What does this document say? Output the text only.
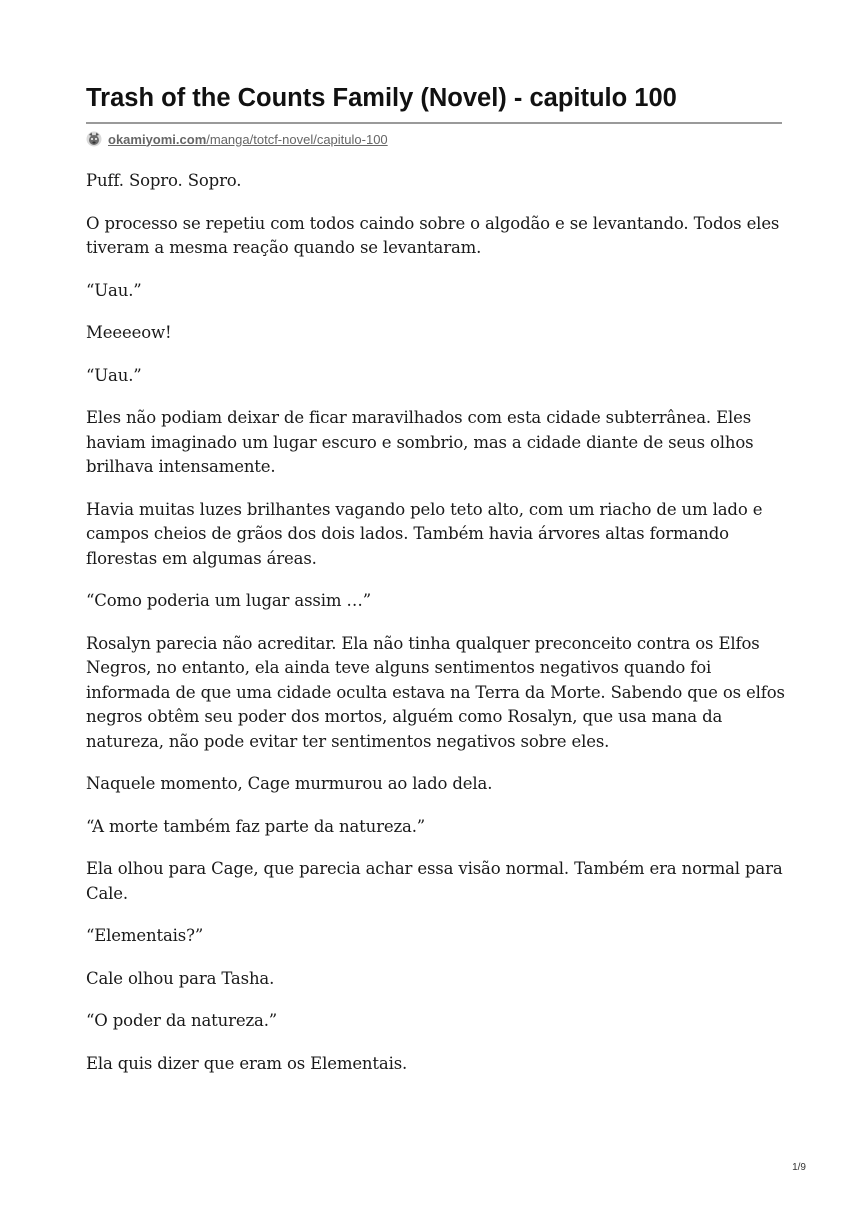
Trash of the Counts Family (Novel) - capitulo 100
okamiyomi.com/manga/totcf-novel/capitulo-100

Puff. Sopro. Sopro.

O processo se repetiu com todos caindo sobre o algodão e se levantando. Todos eles tiveram a mesma reação quando se levantaram.

“Uau.”

Meeeeow!

“Uau.”

Eles não podiam deixar de ficar maravilhados com esta cidade subterrânea. Eles haviam imaginado um lugar escuro e sombrio, mas a cidade diante de seus olhos brilhava intensamente.

Havia muitas luzes brilhantes vagando pelo teto alto, com um riacho de um lado e campos cheios de grãos dos dois lados. Também havia árvores altas formando florestas em algumas áreas.

“Como poderia um lugar assim …”

Rosalyn parecia não acreditar. Ela não tinha qualquer preconceito contra os Elfos Negros, no entanto, ela ainda teve alguns sentimentos negativos quando foi informada de que uma cidade oculta estava na Terra da Morte. Sabendo que os elfos negros obtêm seu poder dos mortos, alguém como Rosalyn, que usa mana da natureza, não pode evitar ter sentimentos negativos sobre eles.

Naquele momento, Cage murmurou ao lado dela.

“A morte também faz parte da natureza.”

Ela olhou para Cage, que parecia achar essa visão normal. Também era normal para Cale.

“Elementais?”

Cale olhou para Tasha.

“O poder da natureza.”

Ela quis dizer que eram os Elementais.

1/9
